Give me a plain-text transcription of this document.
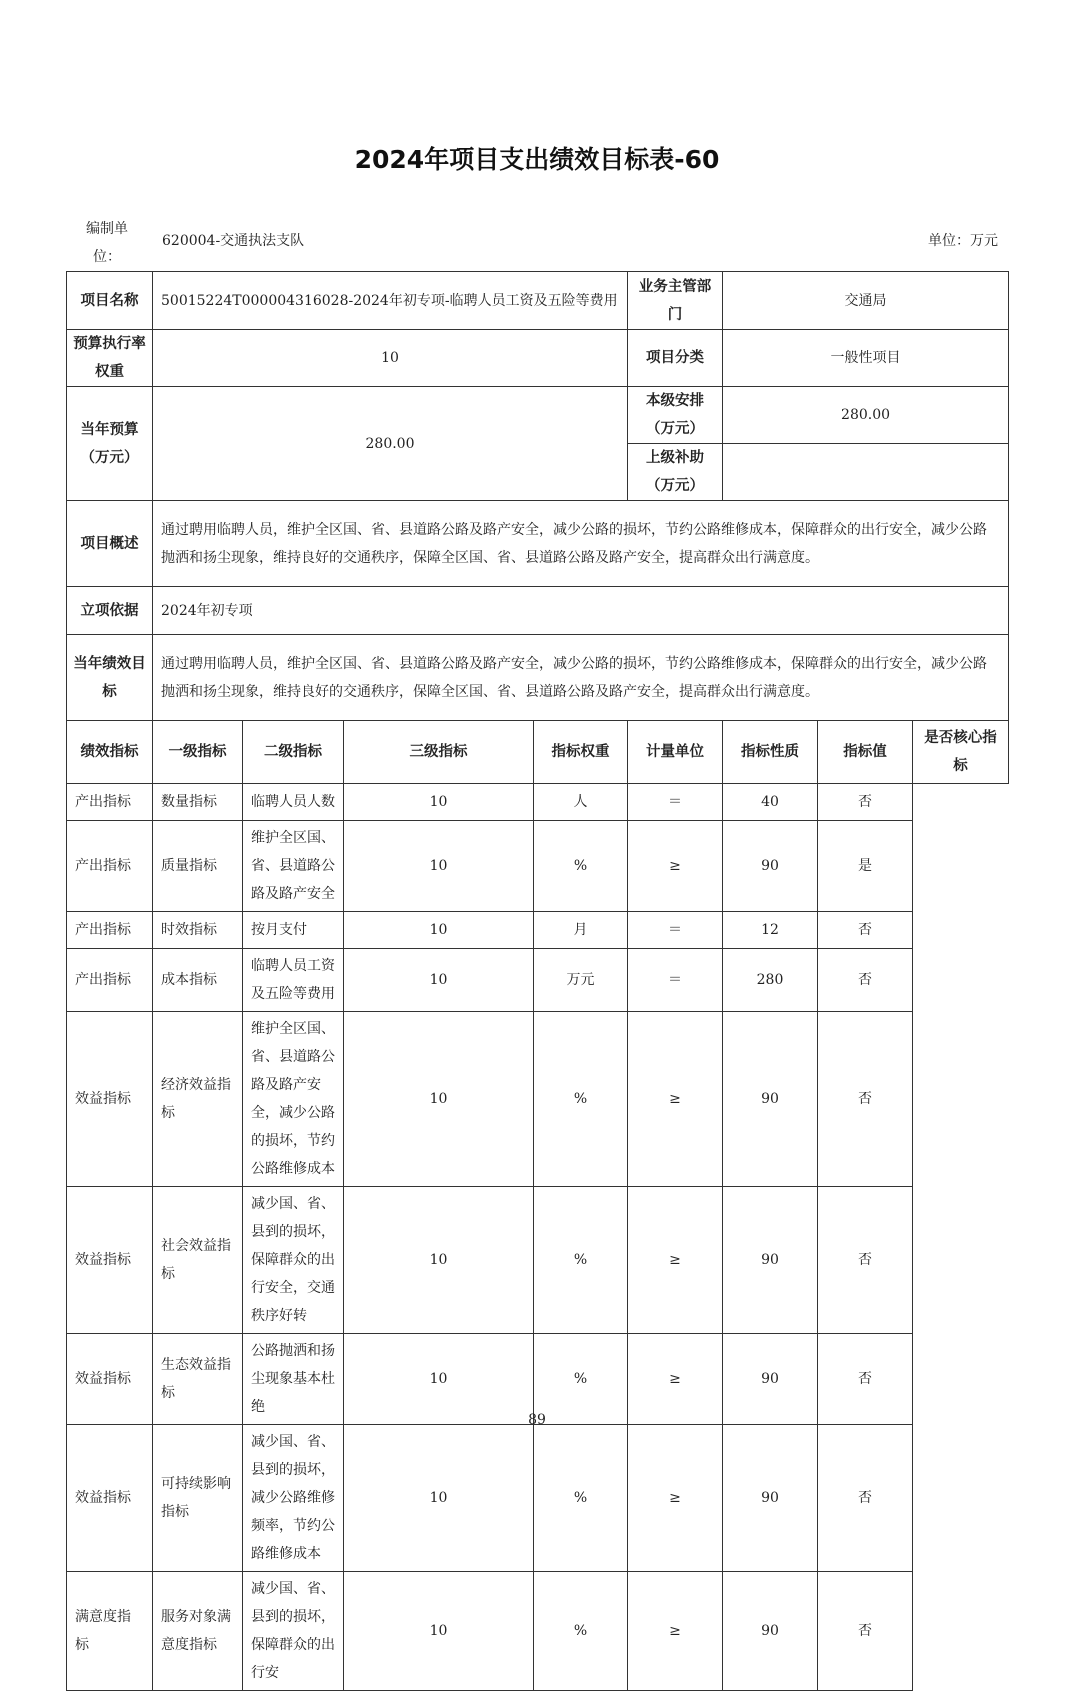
2024年项目支出绩效目标表-60
编制单位：
620004-交通执法支队	单位：万元
项目名称	50015224T000004316028-2024年初专项-临聘人员工资及五险等费用				业务主管部门	交通局		
预算执行率权重	10				项目分类	一般性项目		
当年预算（万元）	280.00				本级安排（万元）	280.00		
					上级补助（万元）			
项目概述	通过聘用临聘人员，维护全区国、省、县道路公路及路产安全，减少公路的损坏，节约公路维修成本，保障群众的出行安全，减少公路抛洒和扬尘现象，维持良好的交通秩序，保障全区国、省、县道路公路及路产安全，提高群众出行满意度。							
立项依据	2024年初专项							
当年绩效目标	通过聘用临聘人员，维护全区国、省、县道路公路及路产安全，减少公路的损坏，节约公路维修成本，保障群众的出行安全，减少公路抛洒和扬尘现象，维持良好的交通秩序，保障全区国、省、县道路公路及路产安全，提高群众出行满意度。							
绩效指标	一级指标	二级指标	三级指标	指标权重	计量单位	指标性质	指标值	是否核心指标
产出指标	数量指标	临聘人员人数	10	人	＝	40	否	
产出指标	质量指标	维护全区国、省、县道路公路及路产安全	10	%	≥	90	是	
产出指标	时效指标	按月支付	10	月	＝	12	否	
产出指标	成本指标	临聘人员工资及五险等费用	10	万元	＝	280	否	
效益指标	经济效益指标	维护全区国、省、县道路公路及路产安全，减少公路的损坏，节约公路维修成本	10	%	≥	90	否	
效益指标	社会效益指标	减少国、省、县到的损坏，保障群众的出行安全，交通秩序好转	10	%	≥	90	否	
效益指标	生态效益指标	公路抛洒和扬尘现象基本杜绝	10	%	≥	90	否	
效益指标	可持续影响指标	减少国、省、县到的损坏，减少公路维修频率，节约公路维修成本	10	%	≥	90	否	
满意度指标	服务对象满意度指标	减少国、省、县到的损坏，保障群众的出行安	10	%	≥	90	否	
89
